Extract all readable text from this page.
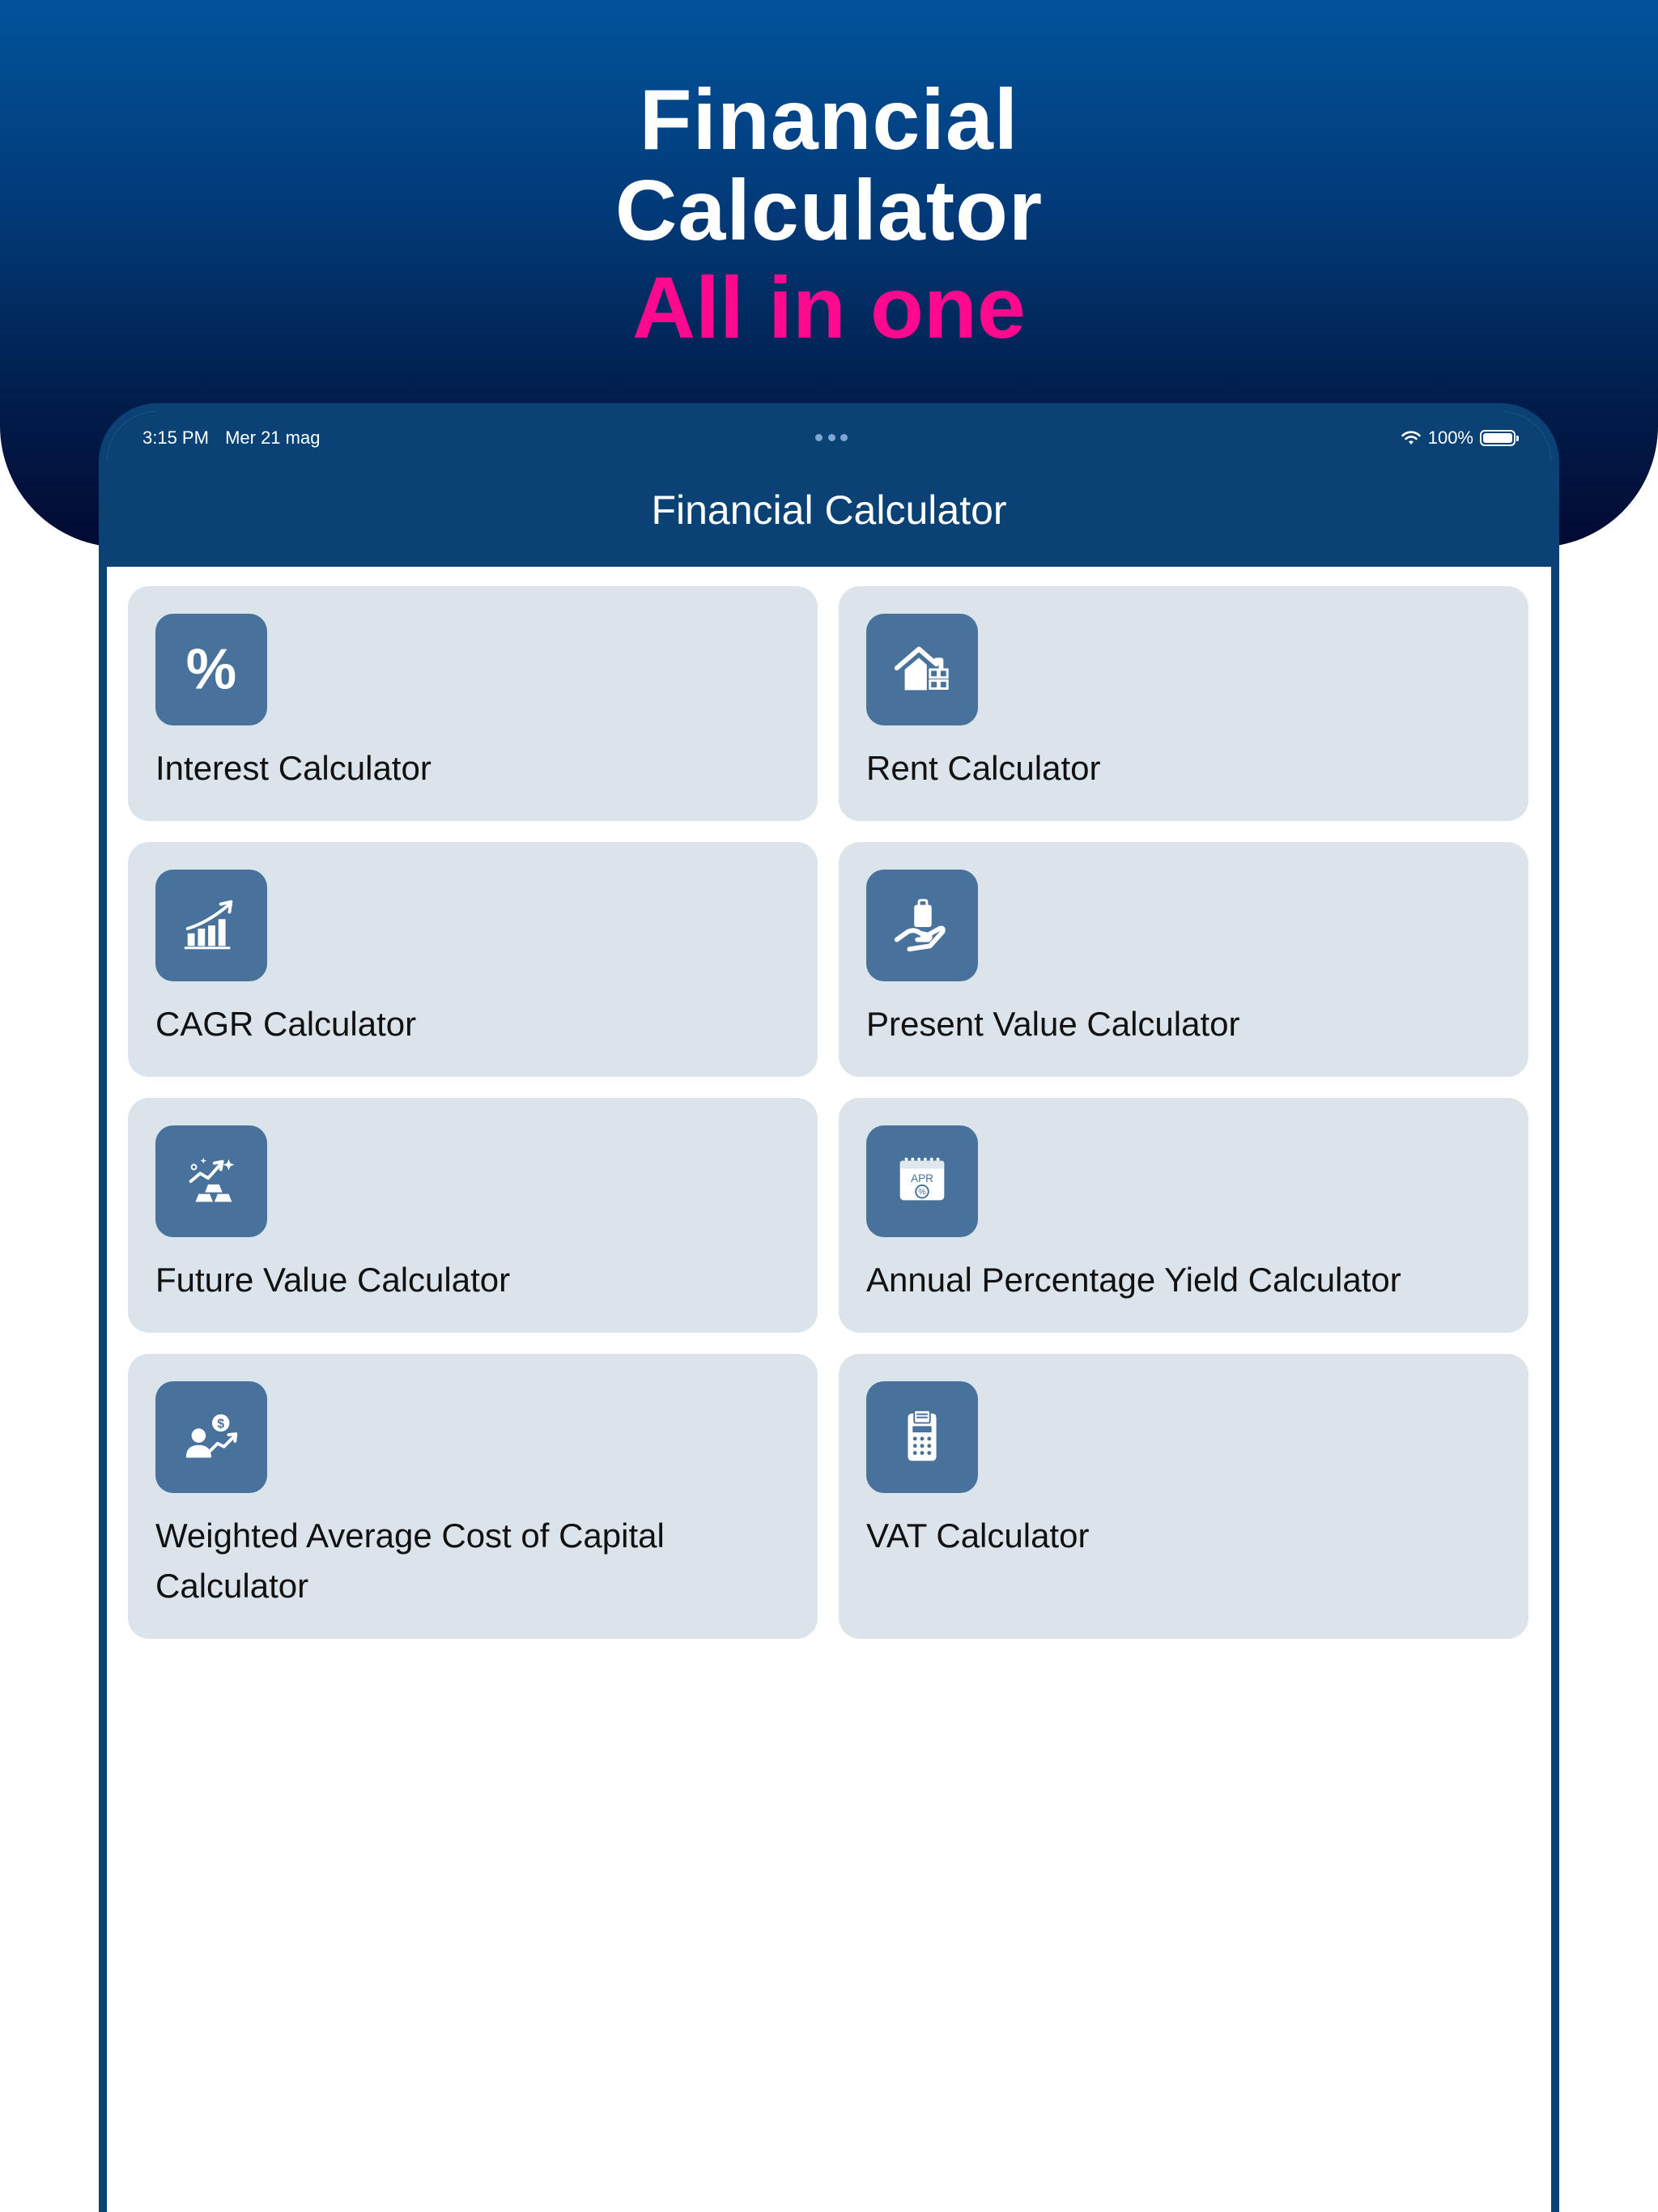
Financial
Calculator
All in one
3:15 PM Mer 21 mag	100%
Financial Calculator
%
Interest Calculator	Rent Calculator
CAGR Calculator	Present Value Calculator
Future Value Calculator
APR
%
Annual Percentage Yield Calculator
$
Weighted Average Cost of Capital Calculator
VAT Calculator
